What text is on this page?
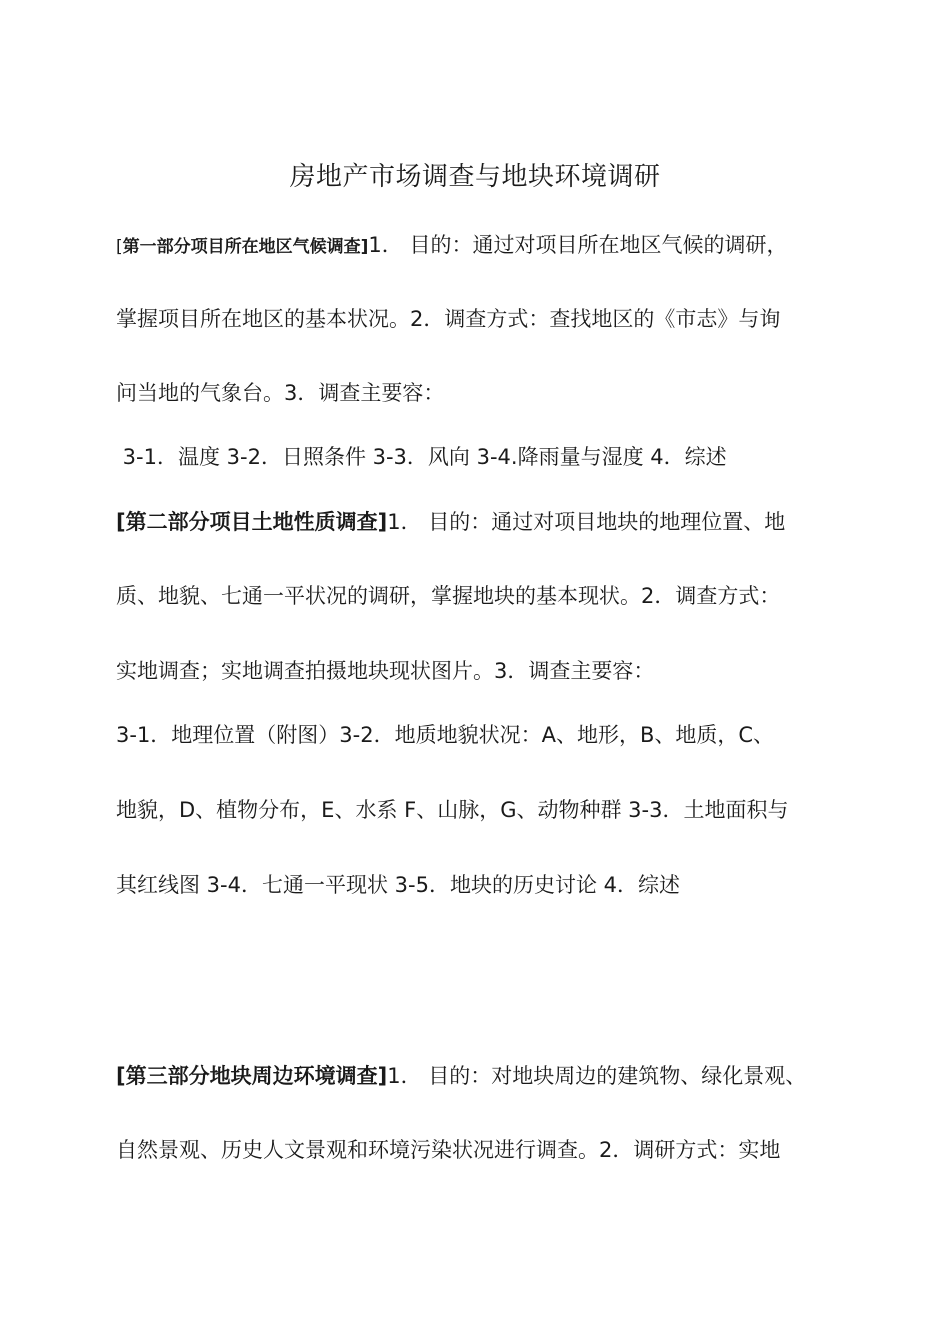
房地产市场调查与地块环境调研
[第一部分项目所在地区气候调查]1． 目的：通过对项目所在地区气候的调研，
掌握项目所在地区的基本状况。2．调查方式：查找地区的《市志》与询
问当地的气象台。3．调查主要容：
3-1．温度 3-2．日照条件 3-3．风向 3-4.降雨量与湿度 4．综述
[第二部分项目土地性质调查]1． 目的：通过对项目地块的地理位置、地
质、地貌、七通一平状况的调研，掌握地块的基本现状。2．调查方式：
实地调查；实地调查拍摄地块现状图片。3．调查主要容：
3-1．地理位置（附图）3-2．地质地貌状况：A、地形，B、地质，C、
地貌，D、植物分布，E、水系 F、山脉，G、动物种群 3-3．土地面积与
其红线图 3-4．七通一平现状 3-5．地块的历史讨论 4．综述
[第三部分地块周边环境调查]1． 目的：对地块周边的建筑物、绿化景观、
自然景观、历史人文景观和环境污染状况进行调查。2．调研方式：实地
